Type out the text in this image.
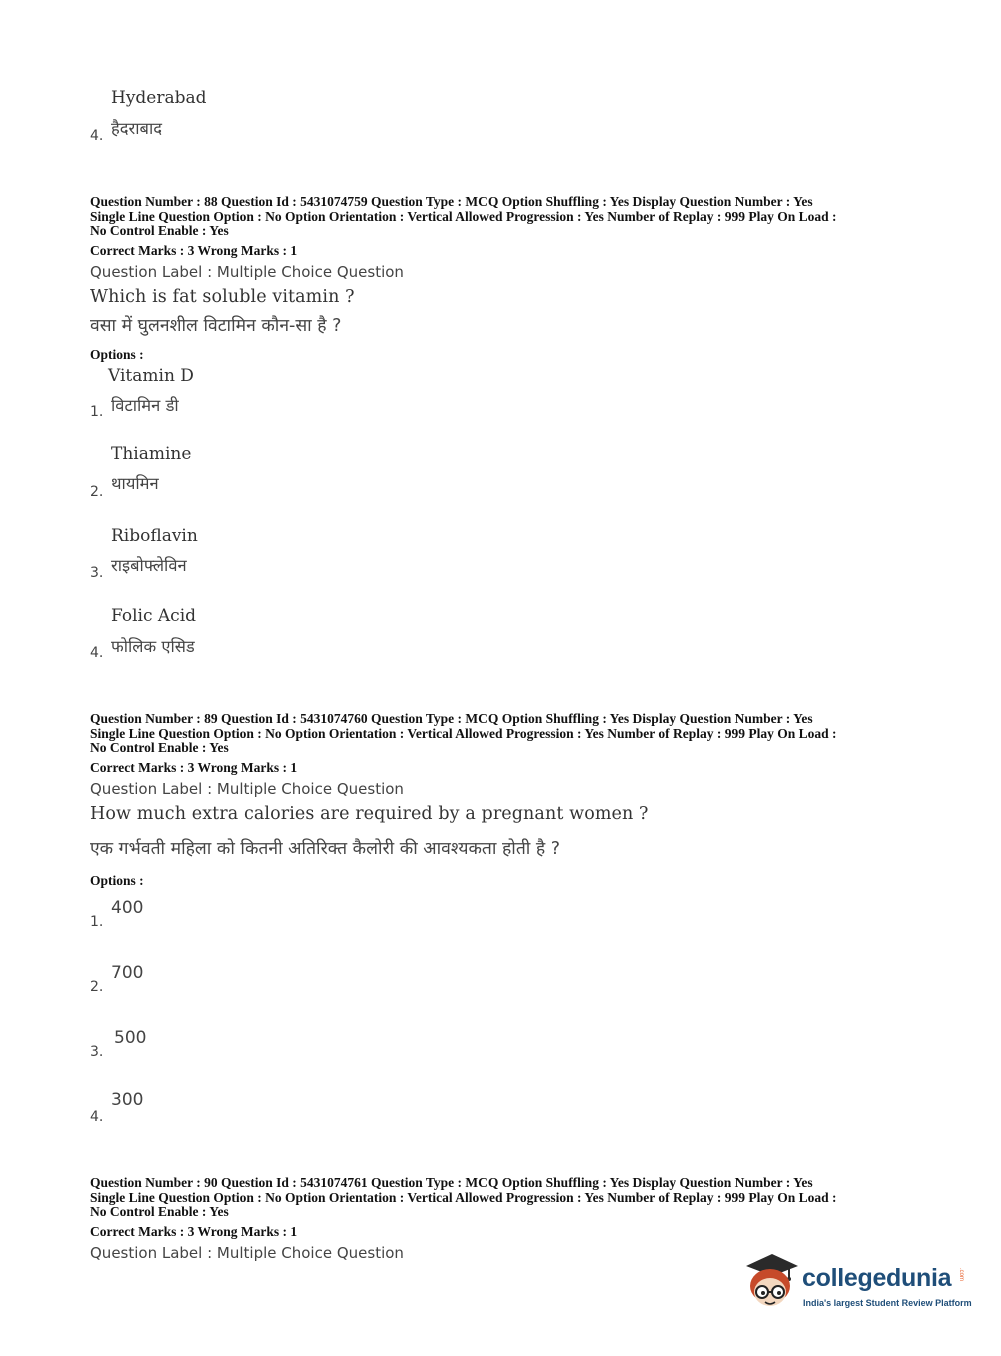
Hyderabad
हैदराबाद
4.
Question Number : 88 Question Id : 5431074759 Question Type : MCQ Option Shuffling : Yes Display Question Number : Yes
Single Line Question Option : No Option Orientation : Vertical Allowed Progression : Yes Number of Replay : 999 Play On Load :
No Control Enable : Yes
Correct Marks : 3 Wrong Marks : 1
Question Label : Multiple Choice Question
Which is fat soluble vitamin ?
वसा में घुलनशील विटामिन कौन-सा है ?
Options :
Vitamin D
विटामिन डी
1.
Thiamine
थायमिन
2.
Riboflavin
राइबोफ्लेविन
3.
Folic Acid
फोलिक एसिड
4.
Question Number : 89 Question Id : 5431074760 Question Type : MCQ Option Shuffling : Yes Display Question Number : Yes
Single Line Question Option : No Option Orientation : Vertical Allowed Progression : Yes Number of Replay : 999 Play On Load :
No Control Enable : Yes
Correct Marks : 3 Wrong Marks : 1
Question Label : Multiple Choice Question
How much extra calories are required by a pregnant women ?
एक गर्भवती महिला को कितनी अतिरिक्त कैलोरी की आवश्यकता होती है ?
Options :
400
1.
700
2.
500
3.
300
4.
Question Number : 90 Question Id : 5431074761 Question Type : MCQ Option Shuffling : Yes Display Question Number : Yes
Single Line Question Option : No Option Orientation : Vertical Allowed Progression : Yes Number of Replay : 999 Play On Load :
No Control Enable : Yes
Correct Marks : 3 Wrong Marks : 1
Question Label : Multiple Choice Question
collegedunia .com
India's largest Student Review Platform
